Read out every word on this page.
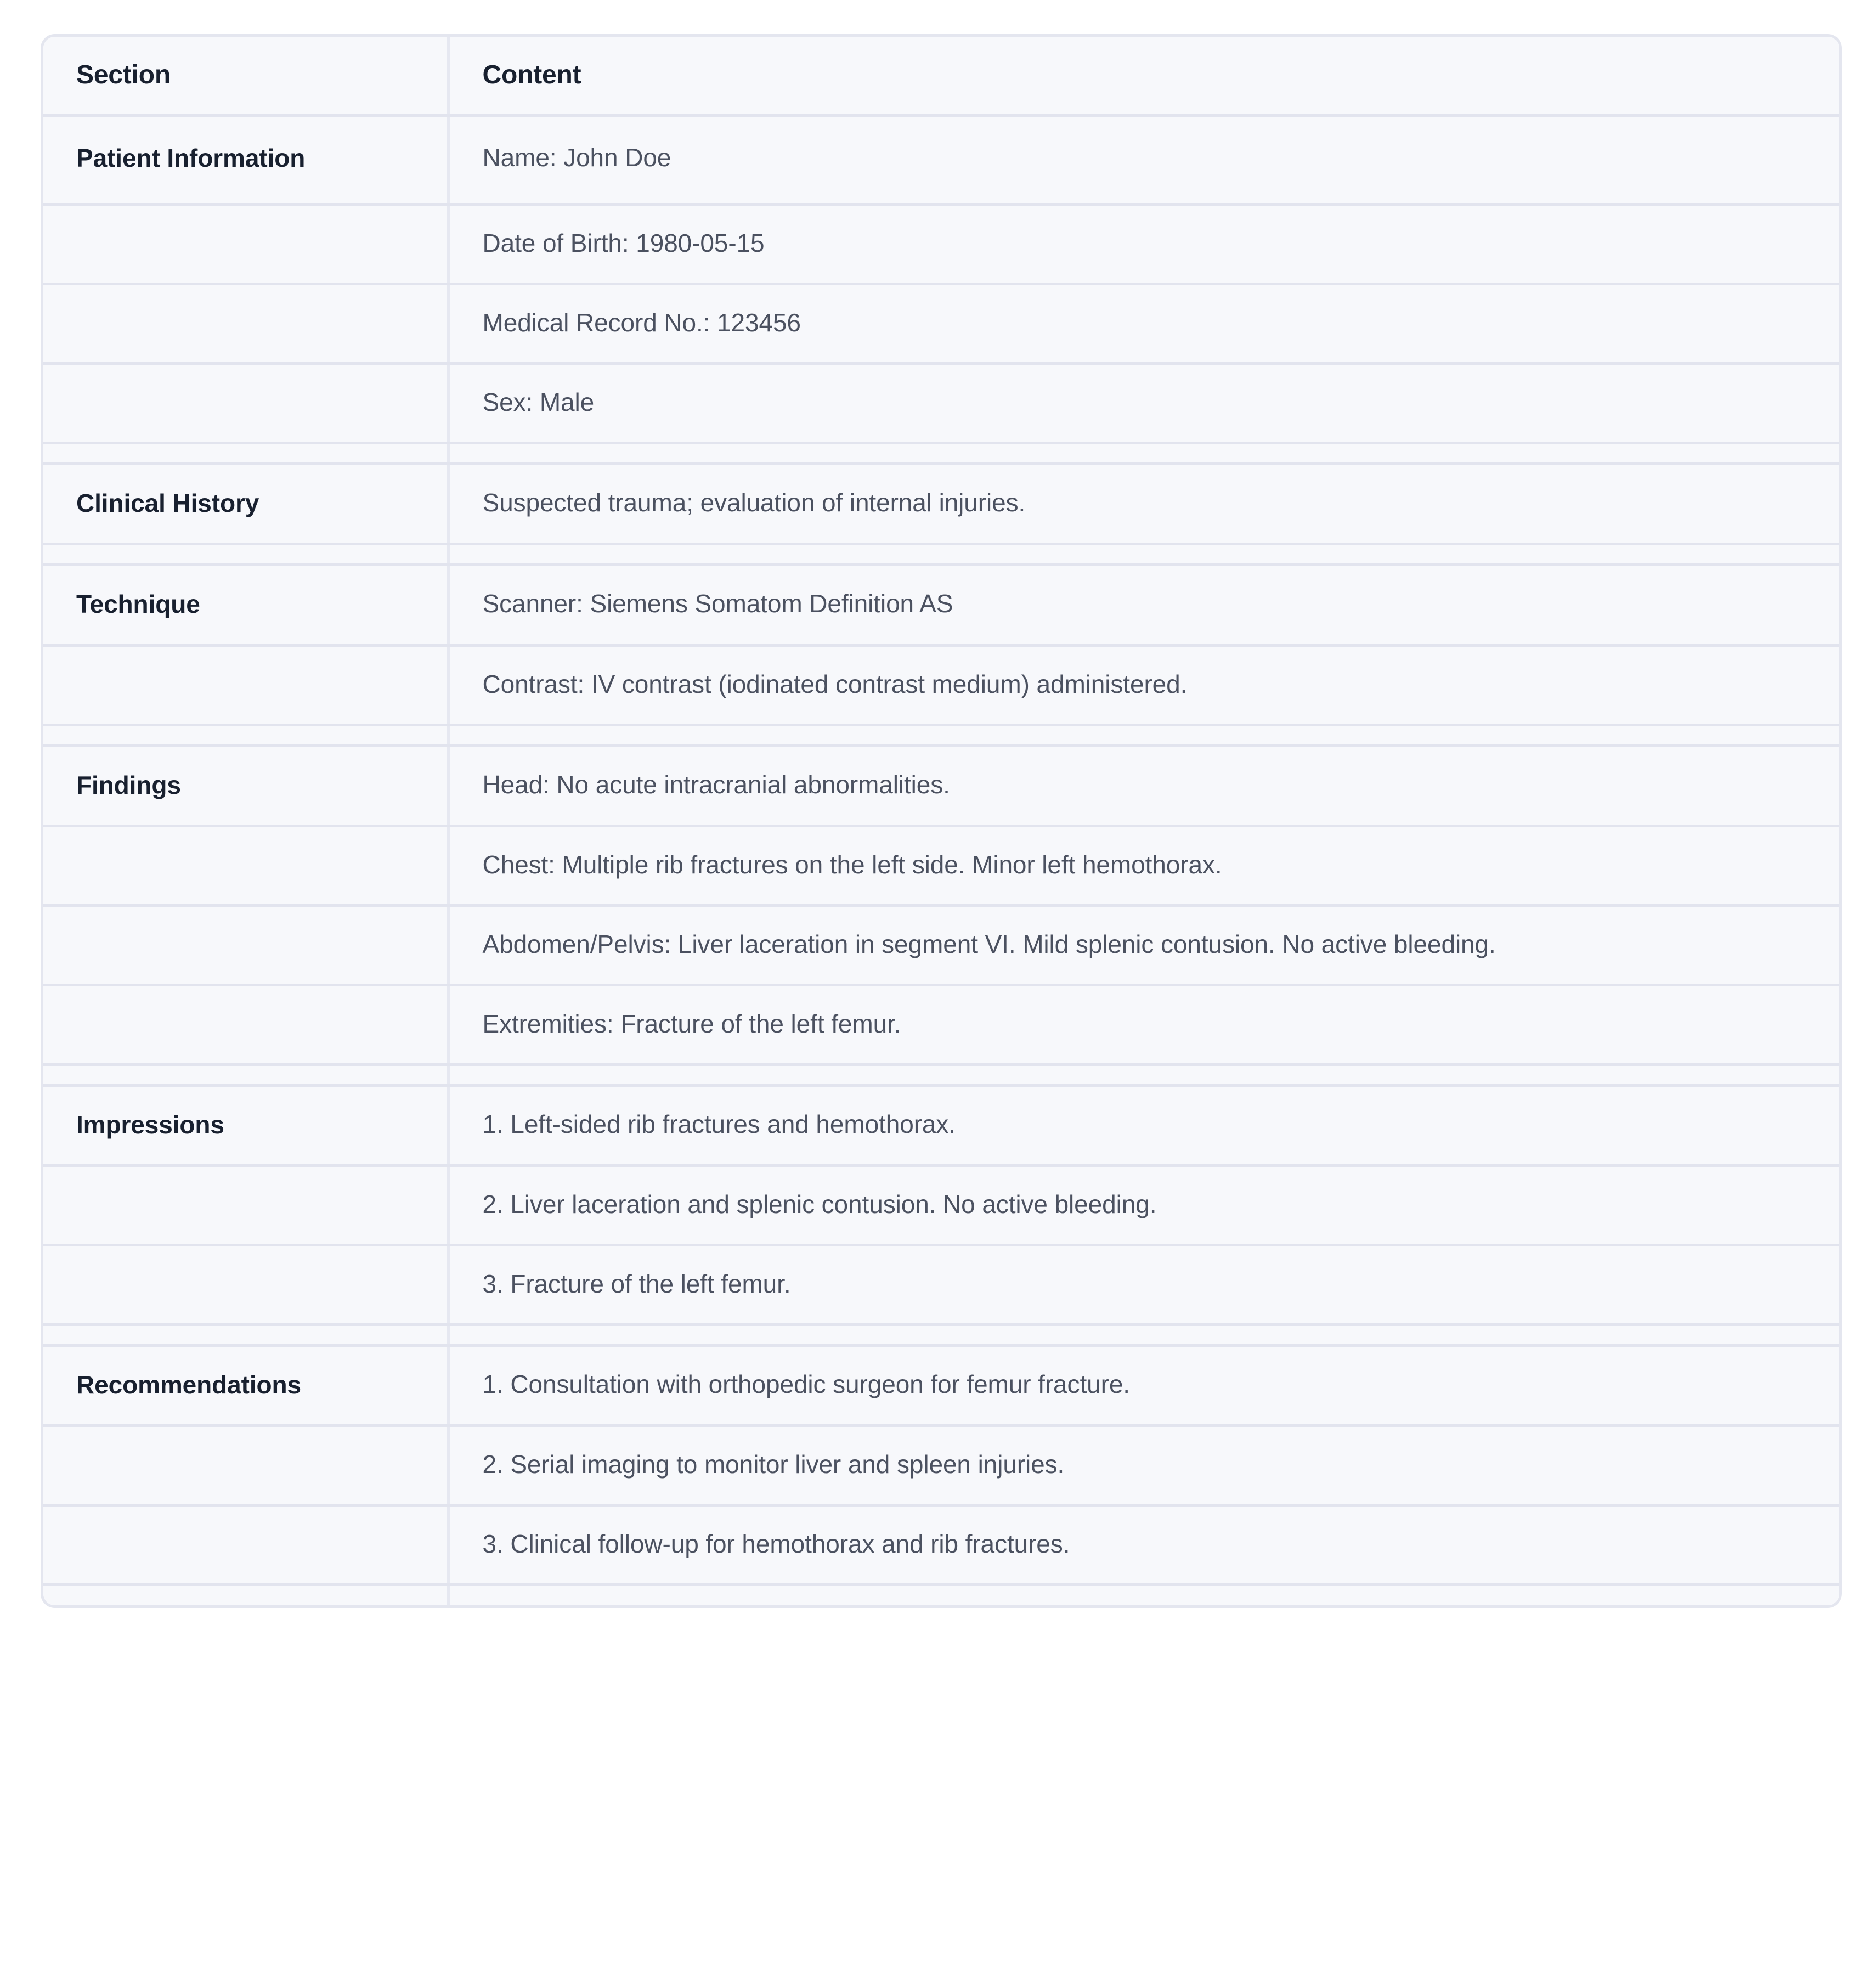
Section	Content
Patient Information	Name: John Doe
	Date of Birth: 1980-05-15
	Medical Record No.: 123456
	Sex: Male

Clinical History	Suspected trauma; evaluation of internal injuries.

Technique	Scanner: Siemens Somatom Definition AS
	Contrast: IV contrast (iodinated contrast medium) administered.

Findings	Head: No acute intracranial abnormalities.
	Chest: Multiple rib fractures on the left side. Minor left hemothorax.
	Abdomen/Pelvis: Liver laceration in segment VI. Mild splenic contusion. No active bleeding.
	Extremities: Fracture of the left femur.

Impressions	1. Left-sided rib fractures and hemothorax.
	2. Liver laceration and splenic contusion. No active bleeding.
	3. Fracture of the left femur.

Recommendations	1. Consultation with orthopedic surgeon for femur fracture.
	2. Serial imaging to monitor liver and spleen injuries.
	3. Clinical follow-up for hemothorax and rib fractures.
